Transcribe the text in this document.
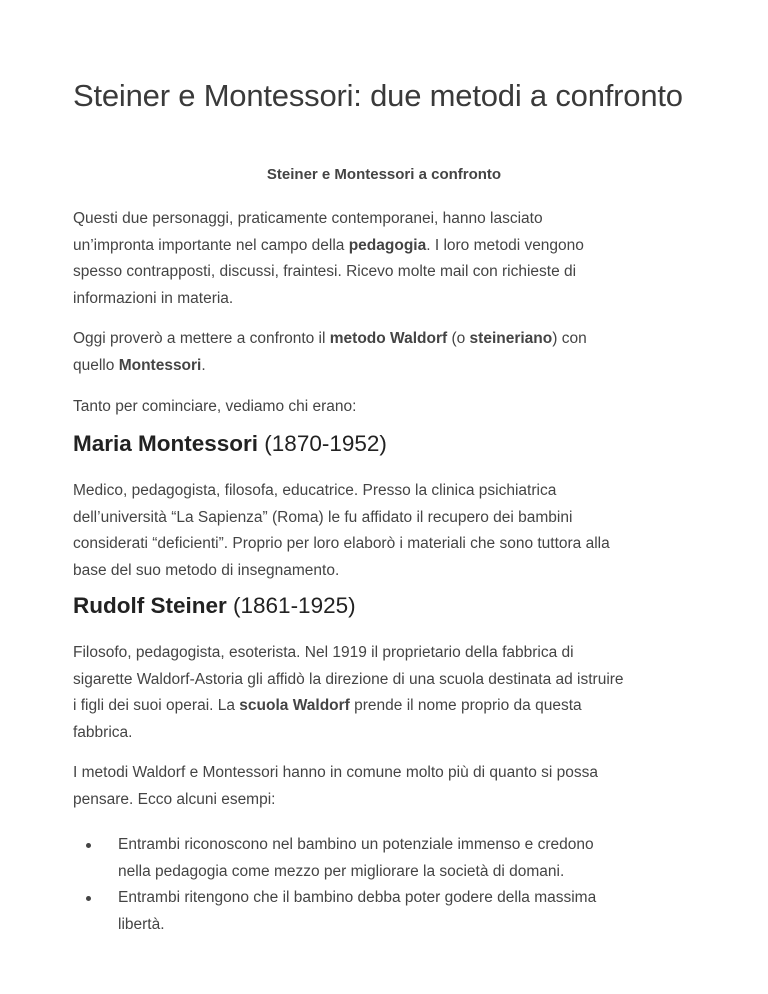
Steiner e Montessori: due metodi a confronto
Steiner e Montessori a confronto

Questi due personaggi, praticamente contemporanei, hanno lasciato
un’impronta importante nel campo della pedagogia. I loro metodi vengono
spesso contrapposti, discussi, fraintesi. Ricevo molte mail con richieste di
informazioni in materia.

Oggi proverò a mettere a confronto il metodo Waldorf (o steineriano) con
quello Montessori.

Tanto per cominciare, vediamo chi erano:

Maria Montessori (1870-1952)

Medico, pedagogista, filosofa, educatrice. Presso la clinica psichiatrica
dell’università “La Sapienza” (Roma) le fu affidato il recupero dei bambini
considerati “deficienti”. Proprio per loro elaborò i materiali che sono tuttora alla
base del suo metodo di insegnamento.

Rudolf Steiner (1861-1925)

Filosofo, pedagogista, esoterista. Nel 1919 il proprietario della fabbrica di
sigarette Waldorf-Astoria gli affidò la direzione di una scuola destinata ad istruire
i figli dei suoi operai. La scuola Waldorf prende il nome proprio da questa
fabbrica.

I metodi Waldorf e Montessori hanno in comune molto più di quanto si possa
pensare. Ecco alcuni esempi:

Entrambi riconoscono nel bambino un potenziale immenso e credono
nella pedagogia come mezzo per migliorare la società di domani.
Entrambi ritengono che il bambino debba poter godere della massima
libertà.
